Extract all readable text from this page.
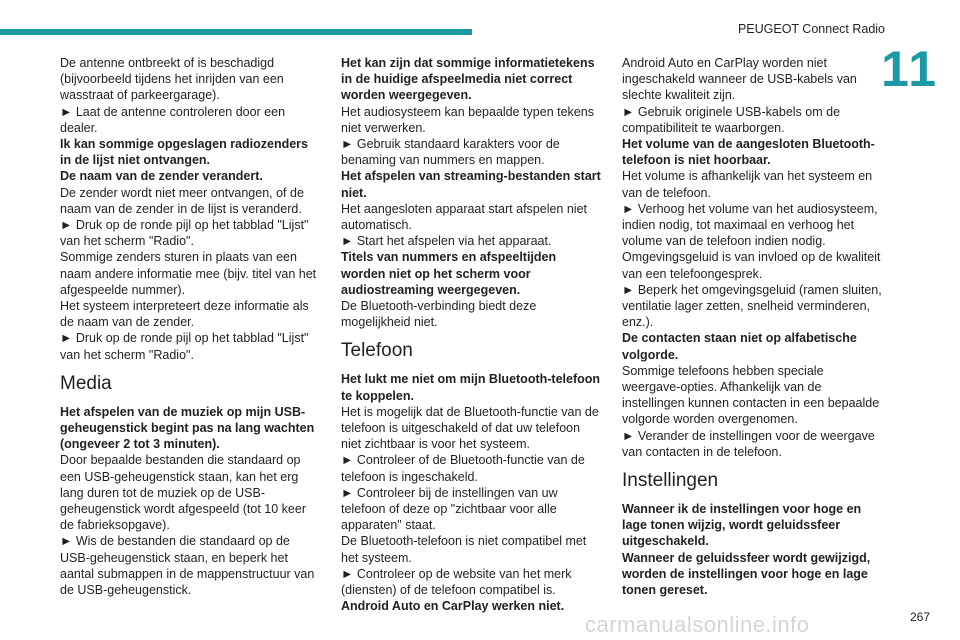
PEUGEOT Connect Radio
11

De antenne ontbreekt of is beschadigd (bijvoorbeeld tijdens het inrijden van een wasstraat of parkeergarage).

► Laat de antenne controleren door een dealer.

Ik kan sommige opgeslagen radiozenders in de lijst niet ontvangen.

De naam van de zender verandert.

De zender wordt niet meer ontvangen, of de naam van de zender in de lijst is veranderd.

► Druk op de ronde pijl op het tabblad "Lijst" van het scherm "Radio".

Sommige zenders sturen in plaats van een naam andere informatie mee (bijv. titel van het afgespeelde nummer).

Het systeem interpreteert deze informatie als de naam van de zender.

► Druk op de ronde pijl op het tabblad "Lijst" van het scherm "Radio".

Media

Het afspelen van de muziek op mijn USB-geheugenstick begint pas na lang wachten (ongeveer 2 tot 3 minuten).

Door bepaalde bestanden die standaard op een USB-geheugenstick staan, kan het erg lang duren tot de muziek op de USB-geheugenstick wordt afgespeeld (tot 10 keer de fabrieksopgave).

► Wis de bestanden die standaard op de USB-geheugenstick staan, en beperk het aantal submappen in de mappenstructuur van de USB-geheugenstick.

Het kan zijn dat sommige informatietekens in de huidige afspeelmedia niet correct worden weergegeven.

Het audiosysteem kan bepaalde typen tekens niet verwerken.

► Gebruik standaard karakters voor de benaming van nummers en mappen.

Het afspelen van streaming-bestanden start niet.

Het aangesloten apparaat start afspelen niet automatisch.

► Start het afspelen via het apparaat.

Titels van nummers en afspeeltijden worden niet op het scherm voor audiostreaming weergegeven.

De Bluetooth-verbinding biedt deze mogelijkheid niet.

Telefoon

Het lukt me niet om mijn Bluetooth-telefoon te koppelen.

Het is mogelijk dat de Bluetooth-functie van de telefoon is uitgeschakeld of dat uw telefoon niet zichtbaar is voor het systeem.

► Controleer of de Bluetooth-functie van de telefoon is ingeschakeld.

► Controleer bij de instellingen van uw telefoon of deze op "zichtbaar voor alle apparaten" staat.

De Bluetooth-telefoon is niet compatibel met het systeem.

► Controleer op de website van het merk (diensten) of de telefoon compatibel is.

Android Auto en CarPlay werken niet.

Android Auto en CarPlay worden niet ingeschakeld wanneer de USB-kabels van slechte kwaliteit zijn.

► Gebruik originele USB-kabels om de compatibiliteit te waarborgen.

Het volume van de aangesloten Bluetooth-telefoon is niet hoorbaar.

Het volume is afhankelijk van het systeem en van de telefoon.

► Verhoog het volume van het audiosysteem, indien nodig, tot maximaal en verhoog het volume van de telefoon indien nodig.

Omgevingsgeluid is van invloed op de kwaliteit van een telefoongesprek.

► Beperk het omgevingsgeluid (ramen sluiten, ventilatie lager zetten, snelheid verminderen, enz.).

De contacten staan niet op alfabetische volgorde.

Sommige telefoons hebben speciale weergave-opties. Afhankelijk van de instellingen kunnen contacten in een bepaalde volgorde worden overgenomen.

► Verander de instellingen voor de weergave van contacten in de telefoon.

Instellingen

Wanneer ik de instellingen voor hoge en lage tonen wijzig, wordt geluidssfeer uitgeschakeld.

Wanneer de geluidssfeer wordt gewijzigd, worden de instellingen voor hoge en lage tonen gereset.

carmanualsonline.info	267
